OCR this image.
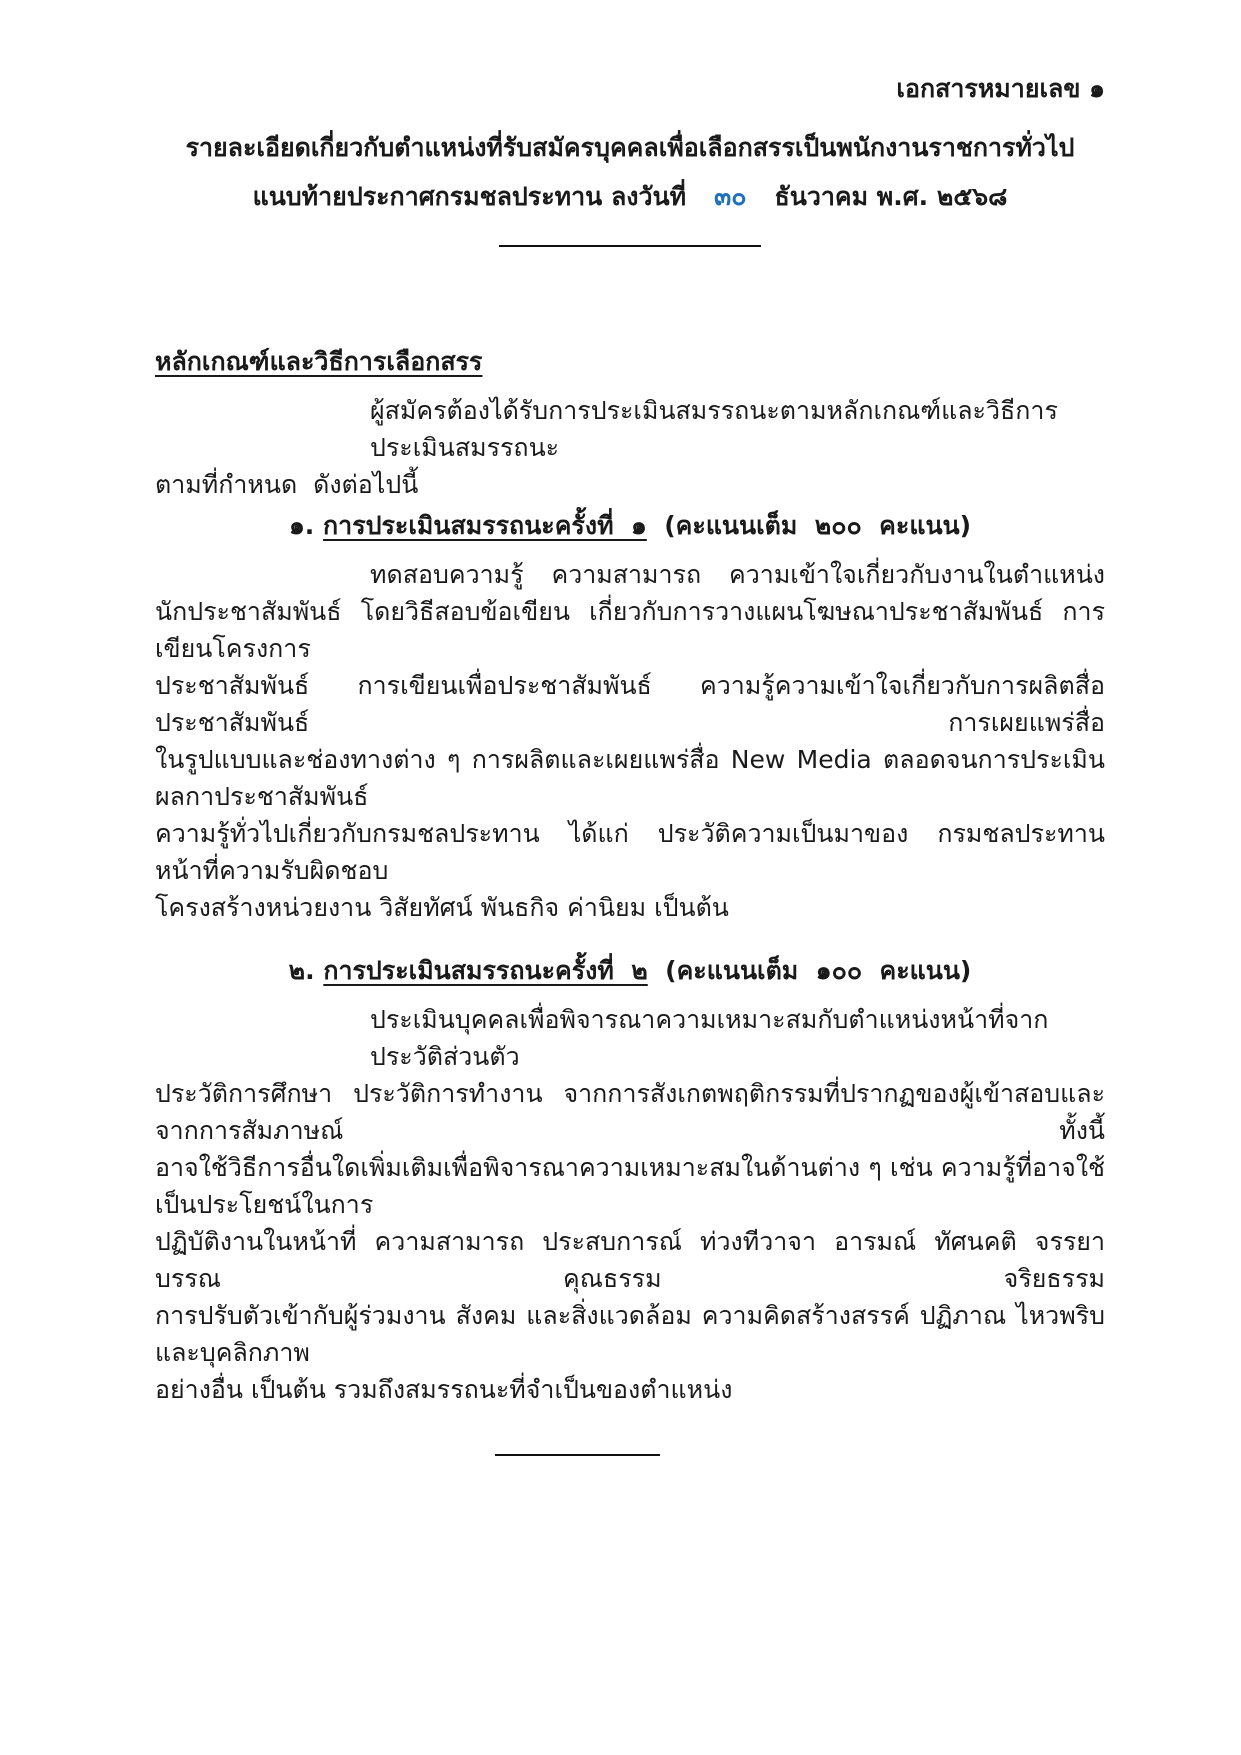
เอกสารหมายเลข ๑
รายละเอียดเกี่ยวกับตำแหน่งที่รับสมัครบุคคลเพื่อเลือกสรรเป็นพนักงานราชการทั่วไป
แนบท้ายประกาศกรมชลประทาน ลงวันที่ ๓๐ ธันวาคม พ.ศ. ๒๕๖๘
หลักเกณฑ์และวิธีการเลือกสรร
ผู้สมัครต้องได้รับการประเมินสมรรถนะตามหลักเกณฑ์และวิธีการประเมินสมรรถนะ
ตามที่กำหนด  ดังต่อไปนี้
๑. การประเมินสมรรถนะครั้งที่  ๑  (คะแนนเต็ม  ๒๐๐  คะแนน)
ทดสอบความรู้ ความสามารถ ความเข้าใจเกี่ยวกับงานในตำแหน่ง
นักประชาสัมพันธ์ โดยวิธีสอบข้อเขียน เกี่ยวกับการวางแผนโฆษณาประชาสัมพันธ์ การเขียนโครงการ
ประชาสัมพันธ์ การเขียนเพื่อประชาสัมพันธ์ ความรู้ความเข้าใจเกี่ยวกับการผลิตสื่อประชาสัมพันธ์ การเผยแพร่สื่อ
ในรูปแบบและช่องทางต่าง ๆ การผลิตและเผยแพร่สื่อ New Media ตลอดจนการประเมินผลกาประชาสัมพันธ์
ความรู้ทั่วไปเกี่ยวกับกรมชลประทาน ได้แก่ ประวัติความเป็นมาของ กรมชลประทาน หน้าที่ความรับผิดชอบ
โครงสร้างหน่วยงาน วิสัยทัศน์ พันธกิจ ค่านิยม เป็นต้น
๒. การประเมินสมรรถนะครั้งที่  ๒  (คะแนนเต็ม  ๑๐๐  คะแนน)
ประเมินบุคคลเพื่อพิจารณาความเหมาะสมกับตำแหน่งหน้าที่จากประวัติส่วนตัว
ประวัติการศึกษา ประวัติการทำงาน จากการสังเกตพฤติกรรมที่ปรากฏของผู้เข้าสอบและจากการสัมภาษณ์ ทั้งนี้
อาจใช้วิธีการอื่นใดเพิ่มเติมเพื่อพิจารณาความเหมาะสมในด้านต่าง ๆ เช่น ความรู้ที่อาจใช้เป็นประโยชน์ในการ
ปฏิบัติงานในหน้าที่ ความสามารถ ประสบการณ์ ท่วงทีวาจา อารมณ์ ทัศนคติ จรรยาบรรณ คุณธรรม จริยธรรม
การปรับตัวเข้ากับผู้ร่วมงาน สังคม และสิ่งแวดล้อม ความคิดสร้างสรรค์ ปฏิภาณ ไหวพริบ และบุคลิกภาพ
อย่างอื่น เป็นต้น รวมถึงสมรรถนะที่จำเป็นของตำแหน่ง
